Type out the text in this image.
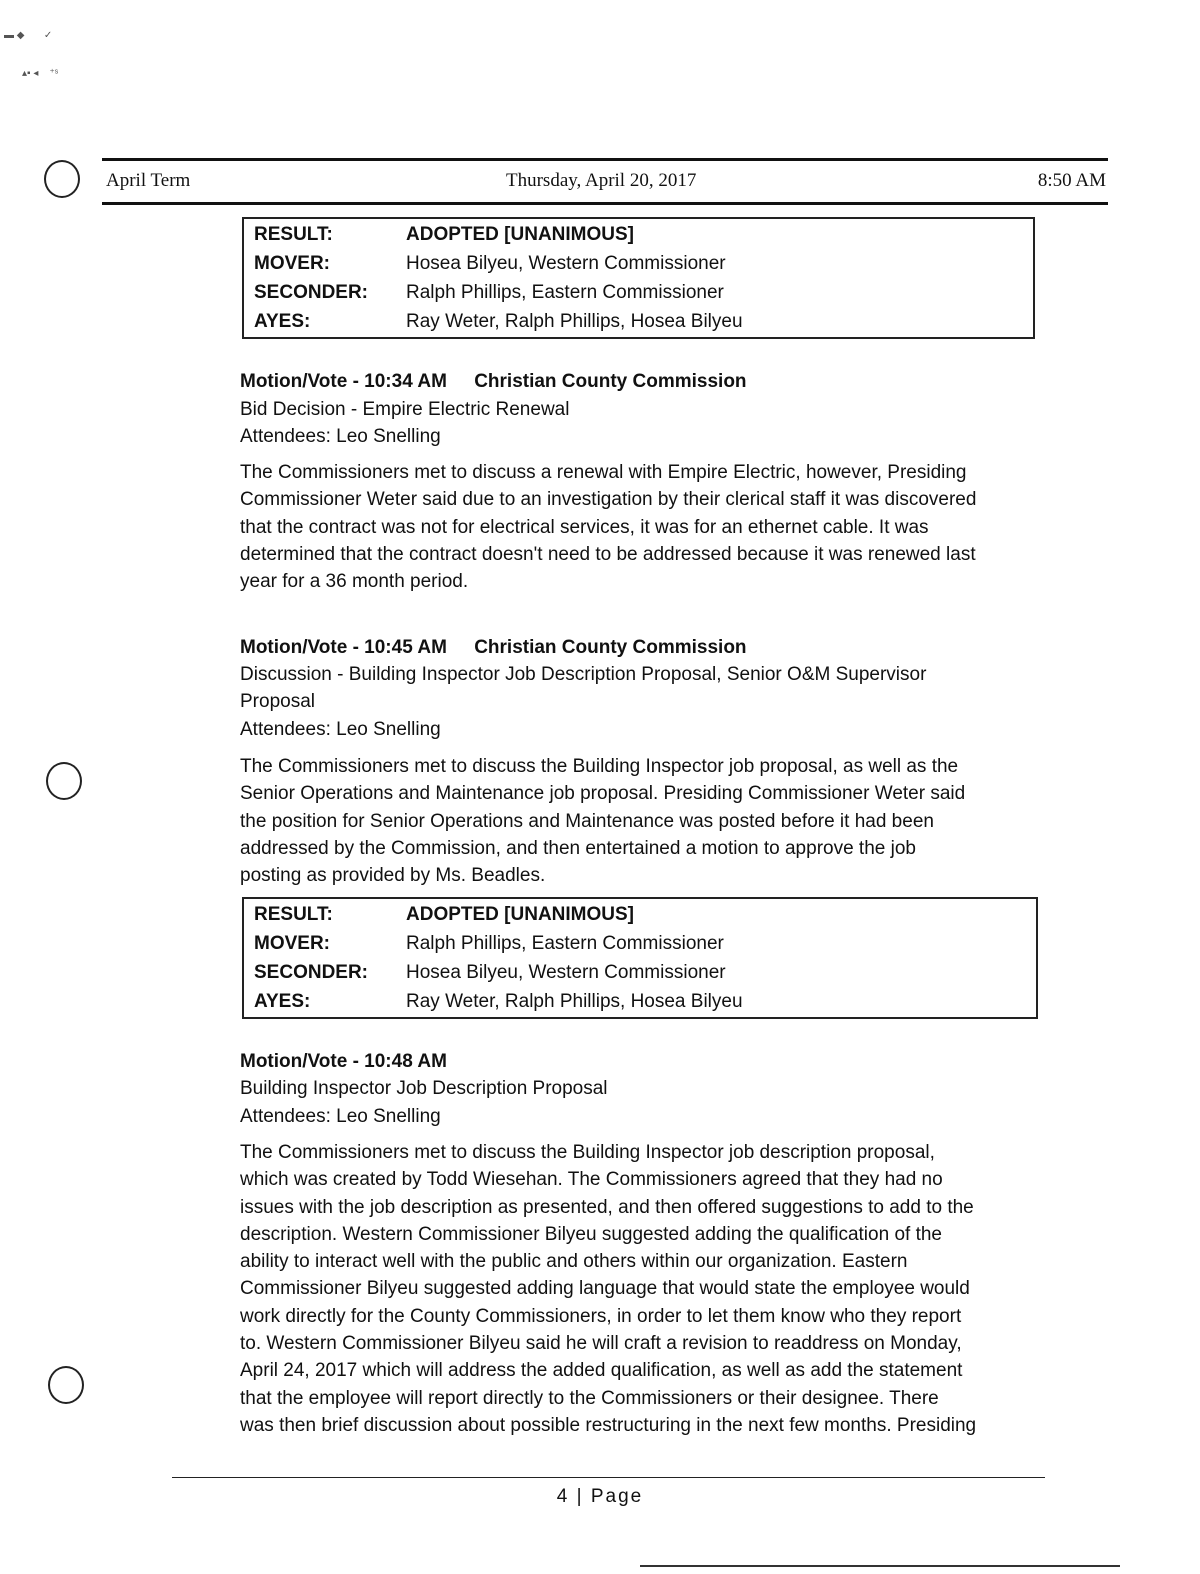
▬ ◆       ✓
▴▪ ◂    ⁺ˢ
April Term	Thursday, April 20, 2017	8:50 AM
RESULT:	ADOPTED [UNANIMOUS]
MOVER:	Hosea Bilyeu, Western Commissioner
SECONDER: Ralph Phillips, Eastern Commissioner
AYES:	Ray Weter, Ralph Phillips, Hosea Bilyeu
Motion/Vote - 10:34 AM Christian County Commission
Bid Decision - Empire Electric Renewal
Attendees: Leo Snelling
The Commissioners met to discuss a renewal with Empire Electric, however, Presiding
Commissioner Weter said due to an investigation by their clerical staff it was discovered
that the contract was not for electrical services, it was for an ethernet cable. It was
determined that the contract doesn't need to be addressed because it was renewed last
year for a 36 month period.
Motion/Vote - 10:45 AM Christian County Commission
Discussion - Building Inspector Job Description Proposal, Senior O&M Supervisor
Proposal
Attendees: Leo Snelling
The Commissioners met to discuss the Building Inspector job proposal, as well as the
Senior Operations and Maintenance job proposal. Presiding Commissioner Weter said
the position for Senior Operations and Maintenance was posted before it had been
addressed by the Commission, and then entertained a motion to approve the job
posting as provided by Ms. Beadles.
RESULT:	ADOPTED [UNANIMOUS]
MOVER:	Ralph Phillips, Eastern Commissioner
SECONDER: Hosea Bilyeu, Western Commissioner
AYES:	Ray Weter, Ralph Phillips, Hosea Bilyeu
Motion/Vote - 10:48 AM
Building Inspector Job Description Proposal
Attendees: Leo Snelling
The Commissioners met to discuss the Building Inspector job description proposal,
which was created by Todd Wiesehan. The Commissioners agreed that they had no
issues with the job description as presented, and then offered suggestions to add to the
description. Western Commissioner Bilyeu suggested adding the qualification of the
ability to interact well with the public and others within our organization. Eastern
Commissioner Bilyeu suggested adding language that would state the employee would
work directly for the County Commissioners, in order to let them know who they report
to. Western Commissioner Bilyeu said he will craft a revision to readdress on Monday,
April 24, 2017 which will address the added qualification, as well as add the statement
that the employee will report directly to the Commissioners or their designee. There
was then brief discussion about possible restructuring in the next few months. Presiding
4 | Page
